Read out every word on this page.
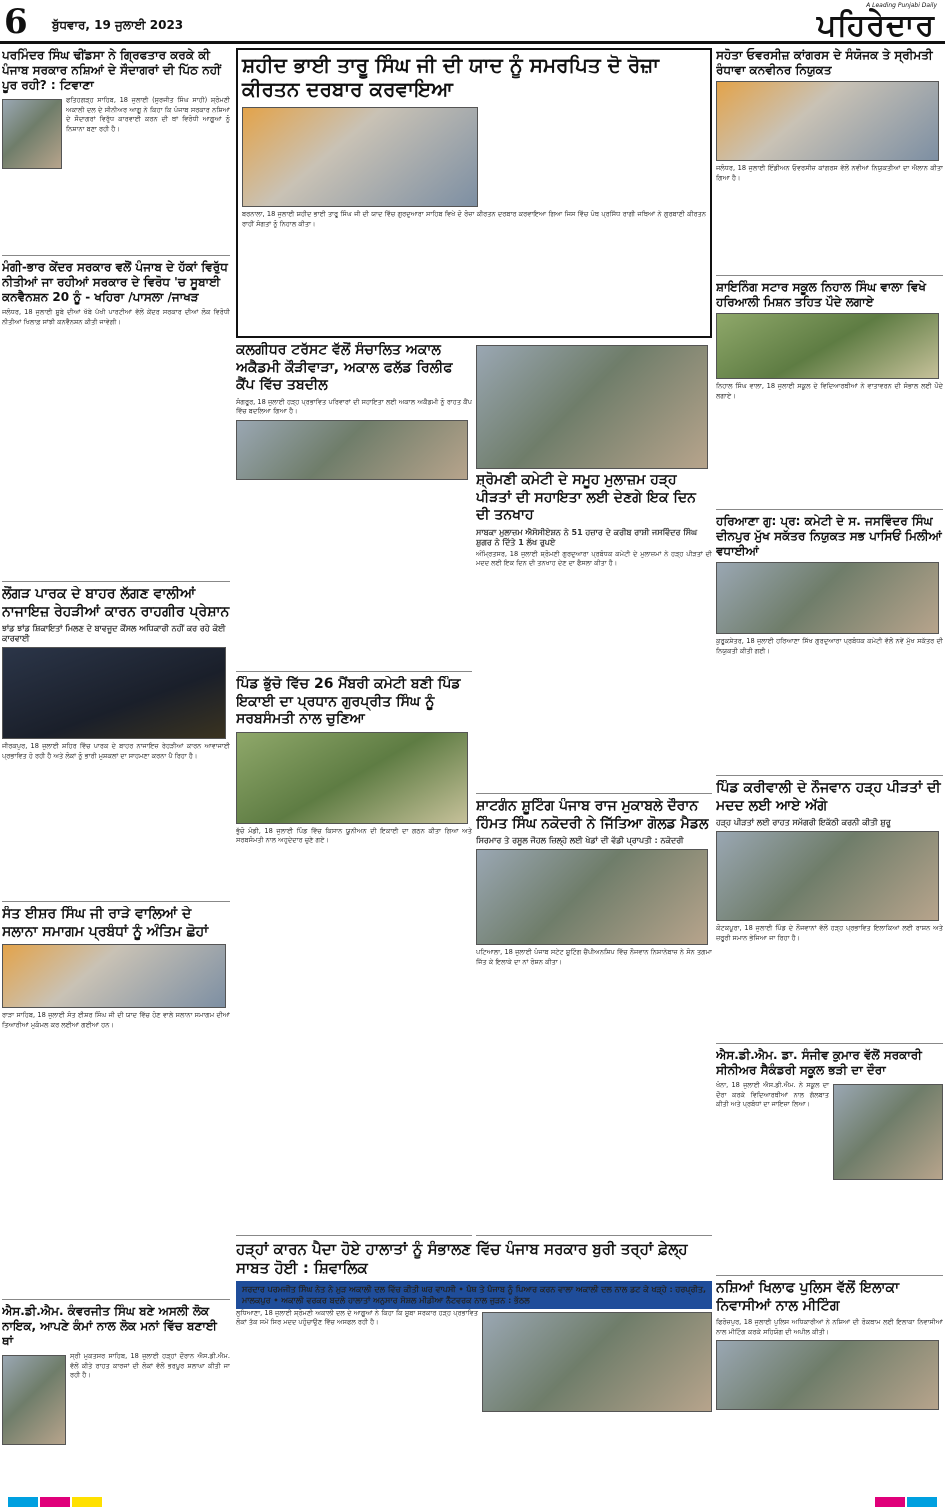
6 ਬੁੱਧਵਾਰ, 19 ਜੁਲਾਈ 2023
A Leading Punjabi Daily
ਪਹਿਰੇਦਾਰ
ਪਰਮਿੰਦਰ ਸਿੰਘ ਢੀਂਡਸਾ ਨੇ ਗ੍ਰਿਫਤਾਰ ਕਰਕੇ ਕੀ ਪੰਜਾਬ ਸਰਕਾਰ ਨਸ਼ਿਆਂ ਦੇ ਸੌਦਾਗਰਾਂ ਦੀ ਪਿੱਠ ਨਹੀਂ ਪੂਰ ਰਹੀ? : ਟਿਵਾਣਾ

ਫਤਿਹਗੜ੍ਹ ਸਾਹਿਬ, 18 ਜੁਲਾਈ (ਸੁਰਜੀਤ ਸਿੰਘ ਸਾਹੀ) ਸ਼੍ਰੋਮਣੀ ਅਕਾਲੀ ਦਲ ਦੇ ਸੀਨੀਅਰ ਆਗੂ ਨੇ ਕਿਹਾ ਕਿ ਪੰਜਾਬ ਸਰਕਾਰ ਨਸ਼ਿਆਂ ਦੇ ਸੌਦਾਗਰਾਂ ਵਿਰੁੱਧ ਕਾਰਵਾਈ ਕਰਨ ਦੀ ਥਾਂ ਵਿਰੋਧੀ ਆਗੂਆਂ ਨੂੰ ਨਿਸ਼ਾਨਾ ਬਣਾ ਰਹੀ ਹੈ।

ਮੰਗੀ-ਭਾਰ ਕੇਂਦਰ ਸਰਕਾਰ ਵਲੋਂ ਪੰਜਾਬ ਦੇ ਹੱਕਾਂ ਵਿਰੁੱਧ ਨੀਤੀਆਂ ਜਾ ਰਹੀਆਂ ਸਰਕਾਰ ਦੇ ਵਿਰੋਧ 'ਚ ਸੂਬਾਈ ਕਨਵੈਨਸ਼ਨ 20 ਨੂੰ - ਖਹਿਰਾ /ਪਾਸਲਾ /ਜਾਖੜ

ਜਲੰਧਰ, 18 ਜੁਲਾਈ ਸੂਬੇ ਦੀਆਂ ਖੱਬੇ ਪੱਖੀ ਪਾਰਟੀਆਂ ਵੱਲੋਂ ਕੇਂਦਰ ਸਰਕਾਰ ਦੀਆਂ ਲੋਕ ਵਿਰੋਧੀ ਨੀਤੀਆਂ ਖਿਲਾਫ਼ ਸਾਂਝੀ ਕਨਵੈਨਸ਼ਨ ਕੀਤੀ ਜਾਵੇਗੀ।

ਲੋਂਗੜ ਪਾਰਕ ਦੇ ਬਾਹਰ ਲੱਗਣ ਵਾਲੀਆਂ ਨਾਜਾਇਜ਼ ਰੇਹੜੀਆਂ ਕਾਰਨ ਰਾਹਗੀਰ ਪ੍ਰੇਸ਼ਾਨ
ਝਾਂਡ ਝਾਂਡ ਸ਼ਿਕਾਇਤਾਂ ਮਿਲਣ ਦੇ ਬਾਵਜੂਦ ਕੌਂਸਲ ਅਧਿਕਾਰੀ ਨਹੀਂ ਕਰ ਰਹੇ ਕੋਈ ਕਾਰਵਾਈ

ਜੀਰਕਪੁਰ, 18 ਜੁਲਾਈ ਸ਼ਹਿਰ ਵਿੱਚ ਪਾਰਕ ਦੇ ਬਾਹਰ ਨਾਜਾਇਜ਼ ਰੇਹੜੀਆਂ ਕਾਰਨ ਆਵਾਜਾਈ ਪ੍ਰਭਾਵਿਤ ਹੋ ਰਹੀ ਹੈ ਅਤੇ ਲੋਕਾਂ ਨੂੰ ਭਾਰੀ ਮੁਸ਼ਕਲਾਂ ਦਾ ਸਾਹਮਣਾ ਕਰਨਾ ਪੈ ਰਿਹਾ ਹੈ।

ਸੰਤ ਈਸ਼ਰ ਸਿੰਘ ਜੀ ਰਾੜੇ ਵਾਲਿਆਂ ਦੇ ਸਲਾਨਾ ਸਮਾਗਮ ਪ੍ਰਬੰਧਾਂ ਨੂੰ ਅੰਤਿਮ ਛੋਹਾਂ

ਰਾੜਾ ਸਾਹਿਬ, 18 ਜੁਲਾਈ ਸੰਤ ਈਸ਼ਰ ਸਿੰਘ ਜੀ ਦੀ ਯਾਦ ਵਿੱਚ ਹੋਣ ਵਾਲੇ ਸਲਾਨਾ ਸਮਾਗਮ ਦੀਆਂ ਤਿਆਰੀਆਂ ਮੁਕੰਮਲ ਕਰ ਲਈਆਂ ਗਈਆਂ ਹਨ।

ਐਸ.ਡੀ.ਐਮ. ਕੰਵਰਜੀਤ ਸਿੰਘ ਬਣੇ ਅਸਲੀ ਲੋਕ ਨਾਇਕ, ਆਪਣੇ ਕੰਮਾਂ ਨਾਲ ਲੋਕ ਮਨਾਂ ਵਿੱਚ ਬਣਾਈ ਥਾਂ

ਸ੍ਰੀ ਮੁਕਤਸਰ ਸਾਹਿਬ, 18 ਜੁਲਾਈ ਹੜ੍ਹਾਂ ਦੌਰਾਨ ਐਸ.ਡੀ.ਐਮ. ਵੱਲੋਂ ਕੀਤੇ ਰਾਹਤ ਕਾਰਜਾਂ ਦੀ ਲੋਕਾਂ ਵੱਲੋਂ ਭਰਪੂਰ ਸ਼ਲਾਘਾ ਕੀਤੀ ਜਾ ਰਹੀ ਹੈ।

ਸ਼ਹੀਦ ਭਾਈ ਤਾਰੂ ਸਿੰਘ ਜੀ ਦੀ ਯਾਦ ਨੂੰ ਸਮਰਪਿਤ ਦੋ ਰੋਜ਼ਾ ਕੀਰਤਨ ਦਰਬਾਰ ਕਰਵਾਇਆ

ਬਰਨਾਲਾ, 18 ਜੁਲਾਈ ਸ਼ਹੀਦ ਭਾਈ ਤਾਰੂ ਸਿੰਘ ਜੀ ਦੀ ਯਾਦ ਵਿੱਚ ਗੁਰਦੁਆਰਾ ਸਾਹਿਬ ਵਿਖੇ ਦੋ ਰੋਜ਼ਾ ਕੀਰਤਨ ਦਰਬਾਰ ਕਰਵਾਇਆ ਗਿਆ ਜਿਸ ਵਿੱਚ ਪੰਥ ਪ੍ਰਸਿੱਧ ਰਾਗੀ ਜਥਿਆਂ ਨੇ ਗੁਰਬਾਣੀ ਕੀਰਤਨ ਰਾਹੀਂ ਸੰਗਤਾਂ ਨੂੰ ਨਿਹਾਲ ਕੀਤਾ।

ਕਲਗੀਧਰ ਟਰੱਸਟ ਵੱਲੋਂ ਸੰਚਾਲਿਤ ਅਕਾਲ ਅਕੈਡਮੀ ਕੌੜੀਵਾੜਾ, ਅਕਾਲ ਫਲੱਡ ਰਿਲੀਫ ਕੈਂਪ ਵਿੱਚ ਤਬਦੀਲ

ਸੰਗਰੂਰ, 18 ਜੁਲਾਈ ਹੜ੍ਹ ਪ੍ਰਭਾਵਿਤ ਪਰਿਵਾਰਾਂ ਦੀ ਸਹਾਇਤਾ ਲਈ ਅਕਾਲ ਅਕੈਡਮੀ ਨੂੰ ਰਾਹਤ ਕੈਂਪ ਵਿੱਚ ਬਦਲਿਆ ਗਿਆ ਹੈ।

ਸ਼੍ਰੋਮਣੀ ਕਮੇਟੀ ਦੇ ਸਮੂਹ ਮੁਲਾਜ਼ਮ ਹੜ੍ਹ ਪੀੜਤਾਂ ਦੀ ਸਹਾਇਤਾ ਲਈ ਦੇਣਗੇ ਇਕ ਦਿਨ ਦੀ ਤਨਖਾਹ
ਸਾਬਕਾ ਮੁਲਾਜ਼ਮ ਐਸੋਸੀਏਸ਼ਨ ਨੇ 51 ਹਜ਼ਾਰ ਦੇ ਕਰੀਬ ਰਾਸ਼ੀ ਜਸਵਿੰਦਰ ਸਿੰਘ ਸ਼ੁਗਰ ਨੇ ਦਿੱਤੇ 1 ਲੱਖ ਰੁਪਏ

ਅੰਮ੍ਰਿਤਸਰ, 18 ਜੁਲਾਈ ਸ਼੍ਰੋਮਣੀ ਗੁਰਦੁਆਰਾ ਪ੍ਰਬੰਧਕ ਕਮੇਟੀ ਦੇ ਮੁਲਾਜ਼ਮਾਂ ਨੇ ਹੜ੍ਹ ਪੀੜਤਾਂ ਦੀ ਮਦਦ ਲਈ ਇਕ ਦਿਨ ਦੀ ਤਨਖਾਹ ਦੇਣ ਦਾ ਫੈਸਲਾ ਕੀਤਾ ਹੈ।

ਪਿੰਡ ਭੁੱਚੋ ਵਿੱਚ 26 ਮੈਂਬਰੀ ਕਮੇਟੀ ਬਣੀ ਪਿੰਡ ਇਕਾਈ ਦਾ ਪ੍ਰਧਾਨ ਗੁਰਪ੍ਰੀਤ ਸਿੰਘ ਨੂੰ ਸਰਬਸੰਮਤੀ ਨਾਲ ਚੁਣਿਆ

ਭੁੱਚੋ ਮੰਡੀ, 18 ਜੁਲਾਈ ਪਿੰਡ ਵਿੱਚ ਕਿਸਾਨ ਯੂਨੀਅਨ ਦੀ ਇਕਾਈ ਦਾ ਗਠਨ ਕੀਤਾ ਗਿਆ ਅਤੇ ਸਰਬਸੰਮਤੀ ਨਾਲ ਅਹੁਦੇਦਾਰ ਚੁਣੇ ਗਏ।

ਸ਼ਾਟਗੰਨ ਸ਼ੂਟਿੰਗ ਪੰਜਾਬ ਰਾਜ ਮੁਕਾਬਲੇ ਦੌਰਾਨ ਹਿੰਮਤ ਸਿੰਘ ਨਕੋਦਰੀ ਨੇ ਜਿੱਤਿਆ ਗੋਲਡ ਮੈਡਲ
ਸਿਰਮਾਰ ਤੇ ਰਸੂਲ ਜੌਹਲ ਜ਼ਿਲ੍ਹੇ ਲਈ ਖੇਡਾਂ ਦੀ ਵੱਡੀ ਪ੍ਰਾਪਤੀ : ਨਕੋਦਰੀ

ਪਟਿਆਲਾ, 18 ਜੁਲਾਈ ਪੰਜਾਬ ਸਟੇਟ ਸ਼ੂਟਿੰਗ ਚੈਂਪੀਅਨਸ਼ਿਪ ਵਿੱਚ ਨੌਜਵਾਨ ਨਿਸ਼ਾਨੇਬਾਜ਼ ਨੇ ਸੋਨ ਤਗਮਾ ਜਿੱਤ ਕੇ ਇਲਾਕੇ ਦਾ ਨਾਂ ਰੋਸ਼ਨ ਕੀਤਾ।

ਹੜ੍ਹਾਂ ਕਾਰਨ ਪੈਦਾ ਹੋਏ ਹਾਲਾਤਾਂ ਨੂੰ ਸੰਭਾਲਣ ਵਿੱਚ ਪੰਜਾਬ ਸਰਕਾਰ ਬੁਰੀ ਤਰ੍ਹਾਂ ਫ਼ੇਲ੍ਹ ਸਾਬਤ ਹੋਈ : ਸ਼ਿਵਾਲਿਕ

ਸਰਦਾਰ ਪਰਮਜੀਤ ਸਿੰਘ ਨੇਤ ਨੇ ਮੁੜ ਅਕਾਲੀ ਦਲ ਵਿੱਚ ਕੀਤੀ ਘਰ ਵਾਪਸੀ • ਪੰਥ ਤੇ ਪੰਜਾਬ ਨੂੰ ਪਿਆਰ ਕਰਨ ਵਾਲਾ ਅਕਾਲੀ ਦਲ ਨਾਲ ਡਟ ਕੇ ਖੜ੍ਹੇ : ਹਰਪ੍ਰੀਤ, ਮਾਲਕਪੁਰ • ਅਕਾਲੀ ਵਰਕਰ ਬਦਲੇ ਹਾਲਾਤਾਂ ਅਨੁਸਾਰ ਸੋਸ਼ਲ ਮੀਡੀਆ ਨੈੱਟਵਰਕ ਨਾਲ ਜੁੜਨ : ਭੱਠਲ

ਲੁਧਿਆਣਾ, 18 ਜੁਲਾਈ ਸ਼੍ਰੋਮਣੀ ਅਕਾਲੀ ਦਲ ਦੇ ਆਗੂਆਂ ਨੇ ਕਿਹਾ ਕਿ ਸੂਬਾ ਸਰਕਾਰ ਹੜ੍ਹ ਪ੍ਰਭਾਵਿਤ ਲੋਕਾਂ ਤੱਕ ਸਮੇਂ ਸਿਰ ਮਦਦ ਪਹੁੰਚਾਉਣ ਵਿੱਚ ਅਸਫਲ ਰਹੀ ਹੈ।

ਸਹੋਤਾ ਓਵਰਸੀਜ਼ ਕਾਂਗਰਸ ਦੇ ਸੰਯੋਜਕ ਤੇ ਸ੍ਰੀਮਤੀ ਰੰਧਾਵਾ ਕਨਵੀਨਰ ਨਿਯੁਕਤ

ਜਲੰਧਰ, 18 ਜੁਲਾਈ ਇੰਡੀਅਨ ਓਵਰਸੀਜ਼ ਕਾਂਗਰਸ ਵੱਲੋਂ ਨਵੀਆਂ ਨਿਯੁਕਤੀਆਂ ਦਾ ਐਲਾਨ ਕੀਤਾ ਗਿਆ ਹੈ।

ਸ਼ਾਇਨਿੰਗ ਸਟਾਰ ਸਕੂਲ ਨਿਹਾਲ ਸਿੰਘ ਵਾਲਾ ਵਿਖੇ ਹਰਿਆਲੀ ਮਿਸ਼ਨ ਤਹਿਤ ਪੌਦੇ ਲਗਾਏ

ਨਿਹਾਲ ਸਿੰਘ ਵਾਲਾ, 18 ਜੁਲਾਈ ਸਕੂਲ ਦੇ ਵਿਦਿਆਰਥੀਆਂ ਨੇ ਵਾਤਾਵਰਨ ਦੀ ਸੰਭਾਲ ਲਈ ਪੌਦੇ ਲਗਾਏ।

ਹਰਿਆਣਾ ਗੁ: ਪ੍ਰ: ਕਮੇਟੀ ਦੇ ਸ. ਜਸਵਿੰਦਰ ਸਿੰਘ ਦੀਨਪੁਰ ਮੁੱਖ ਸਕੱਤਰ ਨਿਯੁਕਤ ਸਭ ਪਾਸਿਓਂ ਮਿਲੀਆਂ ਵਧਾਈਆਂ

ਕੁਰੂਕਸ਼ੇਤਰ, 18 ਜੁਲਾਈ ਹਰਿਆਣਾ ਸਿੱਖ ਗੁਰਦੁਆਰਾ ਪ੍ਰਬੰਧਕ ਕਮੇਟੀ ਵੱਲੋਂ ਨਵੇਂ ਮੁੱਖ ਸਕੱਤਰ ਦੀ ਨਿਯੁਕਤੀ ਕੀਤੀ ਗਈ।

ਪਿੰਡ ਕਰੀਵਾਲੀ ਦੇ ਨੌਜਵਾਨ ਹੜ੍ਹ ਪੀੜਤਾਂ ਦੀ ਮਦਦ ਲਈ ਆਏ ਅੱਗੇ
ਹੜ੍ਹ ਪੀੜਤਾਂ ਲਈ ਰਾਹਤ ਸਮੱਗਰੀ ਇਕੱਠੀ ਕਰਨੀ ਕੀਤੀ ਸ਼ੁਰੂ

ਕੋਟਕਪੂਰਾ, 18 ਜੁਲਾਈ ਪਿੰਡ ਦੇ ਨੌਜਵਾਨਾਂ ਵੱਲੋਂ ਹੜ੍ਹ ਪ੍ਰਭਾਵਿਤ ਇਲਾਕਿਆਂ ਲਈ ਰਾਸ਼ਨ ਅਤੇ ਜ਼ਰੂਰੀ ਸਮਾਨ ਭੇਜਿਆ ਜਾ ਰਿਹਾ ਹੈ।

ਐਸ.ਡੀ.ਐਮ. ਡਾ. ਸੰਜੀਵ ਕੁਮਾਰ ਵੱਲੋਂ ਸਰਕਾਰੀ ਸੀਨੀਅਰ ਸੈਕੰਡਰੀ ਸਕੂਲ ਭੜੀ ਦਾ ਦੌਰਾ

ਖੰਨਾ, 18 ਜੁਲਾਈ ਐਸ.ਡੀ.ਐਮ. ਨੇ ਸਕੂਲ ਦਾ ਦੌਰਾ ਕਰਕੇ ਵਿਦਿਆਰਥੀਆਂ ਨਾਲ ਗੱਲਬਾਤ ਕੀਤੀ ਅਤੇ ਪ੍ਰਬੰਧਾਂ ਦਾ ਜਾਇਜ਼ਾ ਲਿਆ।

ਨਸ਼ਿਆਂ ਖਿਲਾਫ ਪੁਲਿਸ ਵੱਲੋਂ ਇਲਾਕਾ ਨਿਵਾਸੀਆਂ ਨਾਲ ਮੀਟਿੰਗ

ਫਿਰੋਜ਼ਪੁਰ, 18 ਜੁਲਾਈ ਪੁਲਿਸ ਅਧਿਕਾਰੀਆਂ ਨੇ ਨਸ਼ਿਆਂ ਦੀ ਰੋਕਥਾਮ ਲਈ ਇਲਾਕਾ ਨਿਵਾਸੀਆਂ ਨਾਲ ਮੀਟਿੰਗ ਕਰਕੇ ਸਹਿਯੋਗ ਦੀ ਅਪੀਲ ਕੀਤੀ।
